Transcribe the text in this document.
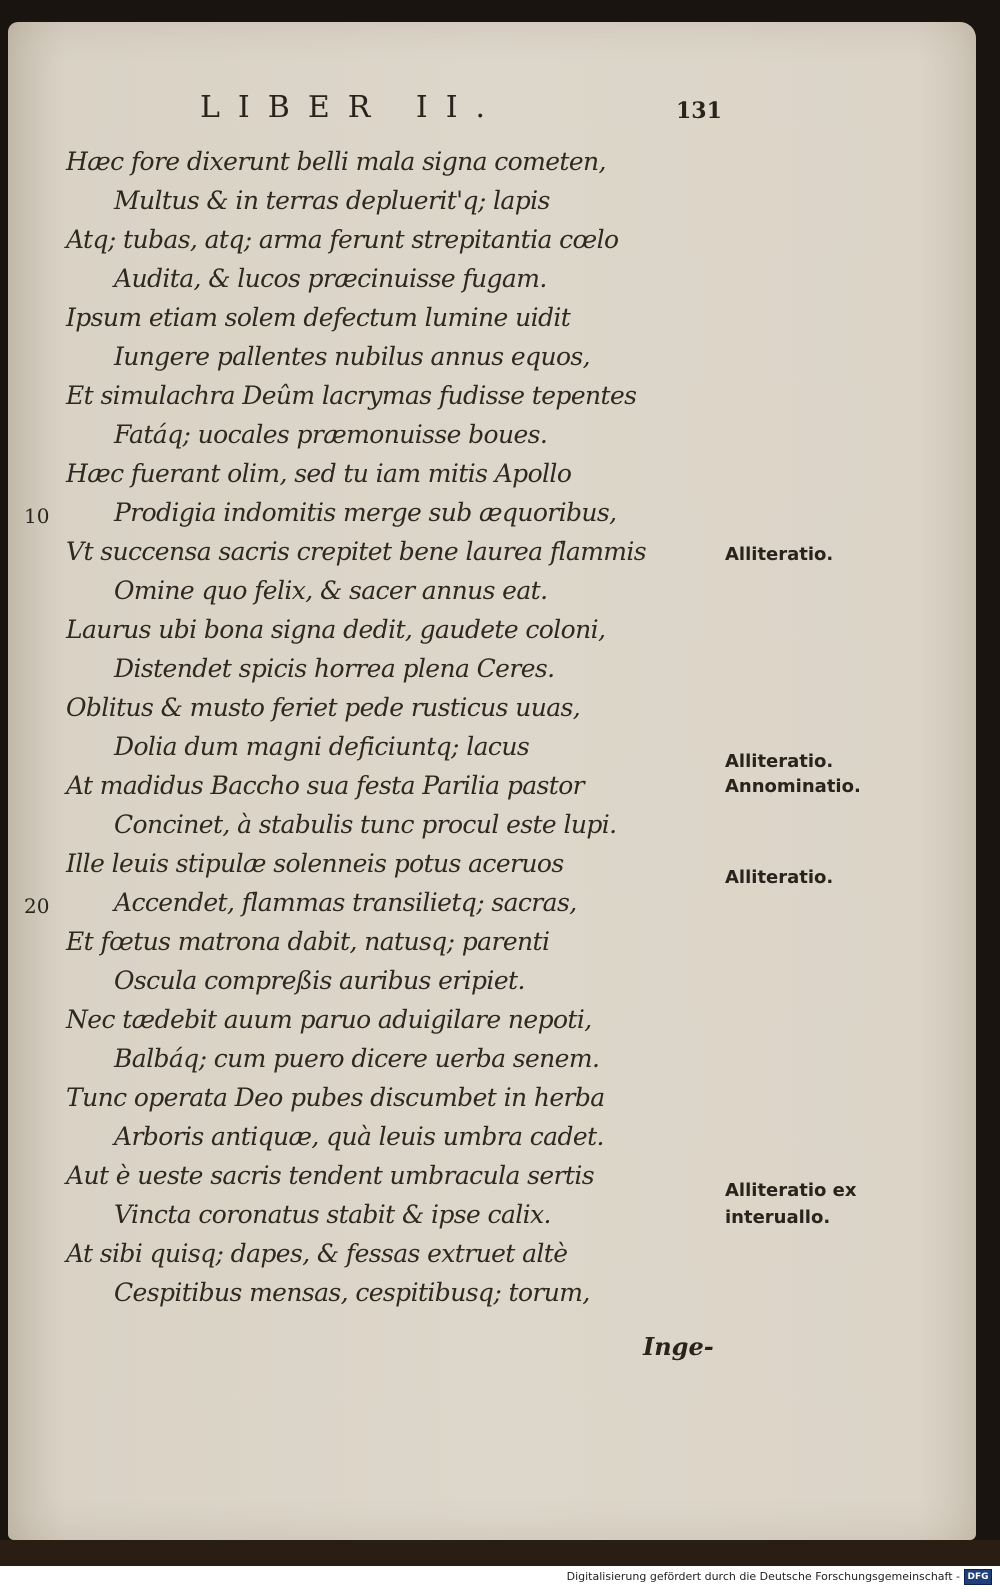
LIBER II.	131

Hæc fore dixerunt belli mala signa cometen,

Multus & in terras depluerit'q; lapis

Atq; tubas, atq; arma ferunt strepitantia cœlo

Audita, & lucos præcinuisse fugam.

Ipsum etiam solem defectum lumine uidit

Iungere pallentes nubilus annus equos,

Et simulachra Deûm lacrymas fudisse tepentes

Fatáq; uocales præmonuisse boues.

Hæc fuerant olim, sed tu iam mitis Apollo

Prodigia indomitis merge sub æquoribus,

Vt succensa sacris crepitet bene laurea flammis

Omine quo felix, & sacer annus eat.

Laurus ubi bona signa dedit, gaudete coloni,

Distendet spicis horrea plena Ceres.

Oblitus & musto feriet pede rusticus uuas,

Dolia dum magni deficiuntq; lacus

At madidus Baccho sua festa Parilia pastor

Concinet, à stabulis tunc procul este lupi.

Ille leuis stipulæ solenneis potus aceruos

Accendet, flammas transilietq; sacras,

Et fœtus matrona dabit, natusq; parenti

Oscula compreßis auribus eripiet.

Nec tædebit auum paruo aduigilare nepoti,

Balbáq; cum puero dicere uerba senem.

Tunc operata Deo pubes discumbet in herba

Arboris antiquæ, quà leuis umbra cadet.

Aut è ueste sacris tendent umbracula sertis

Vincta coronatus stabit & ipse calix.

At sibi quisq; dapes, & fessas extruet altè

Cespitibus mensas, cespitibusq; torum,

10
20

Alliteratio.

Alliteratio.

Annominatio.

Alliteratio.

Alliteratio ex

interuallo.

Inge-
Digitalisierung gefördert durch die Deutsche Forschungsgemeinschaft - DFG
